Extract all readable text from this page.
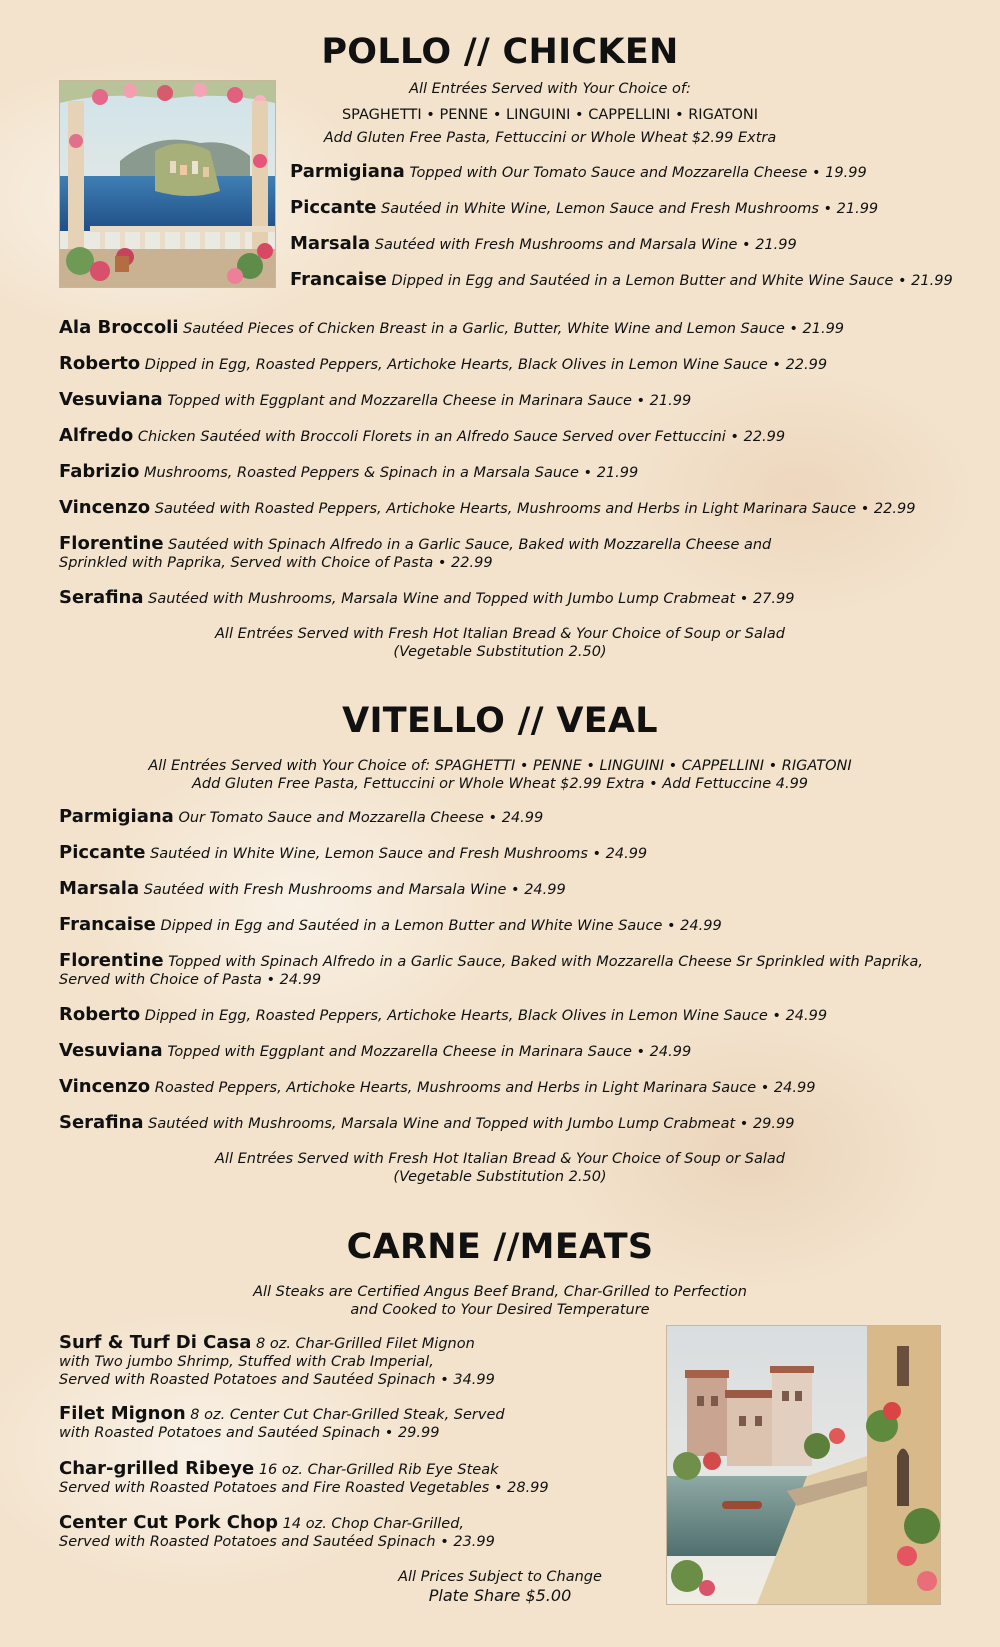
POLLO // CHICKEN
All Entrées Served with Your Choice of:
SPAGHETTI • PENNE • LINGUINI • CAPPELLINI • RIGATONI
Add Gluten Free Pasta, Fettuccini or Whole Wheat $2.99 Extra
Parmigiana Topped with Our Tomato Sauce and Mozzarella Cheese • 19.99
Piccante Sautéed in White Wine, Lemon Sauce and Fresh Mushrooms • 21.99
Marsala Sautéed with Fresh Mushrooms and Marsala Wine • 21.99
Francaise Dipped in Egg and Sautéed in a Lemon Butter and White Wine Sauce • 21.99
Ala Broccoli Sautéed Pieces of Chicken Breast in a Garlic, Butter, White Wine and Lemon Sauce • 21.99
Roberto Dipped in Egg, Roasted Peppers, Artichoke Hearts, Black Olives in Lemon Wine Sauce • 22.99
Vesuviana Topped with Eggplant and Mozzarella Cheese in Marinara Sauce • 21.99
Alfredo Chicken Sautéed with Broccoli Florets in an Alfredo Sauce Served over Fettuccini • 22.99
Fabrizio Mushrooms, Roasted Peppers & Spinach in a Marsala Sauce • 21.99
Vincenzo Sautéed with Roasted Peppers, Artichoke Hearts, Mushrooms and Herbs in Light Marinara Sauce • 22.99
Florentine Sautéed with Spinach Alfredo in a Garlic Sauce, Baked with Mozzarella Cheese and
Sprinkled with Paprika, Served with Choice of Pasta • 22.99
Serafina Sautéed with Mushrooms, Marsala Wine and Topped with Jumbo Lump Crabmeat • 27.99
All Entrées Served with Fresh Hot Italian Bread & Your Choice of Soup or Salad
(Vegetable Substitution 2.50)
VITELLO // VEAL
All Entrées Served with Your Choice of: SPAGHETTI • PENNE • LINGUINI • CAPPELLINI • RIGATONI
Add Gluten Free Pasta, Fettuccini or Whole Wheat $2.99 Extra • Add Fettuccine 4.99
Parmigiana Our Tomato Sauce and Mozzarella Cheese • 24.99
Piccante Sautéed in White Wine, Lemon Sauce and Fresh Mushrooms • 24.99
Marsala Sautéed with Fresh Mushrooms and Marsala Wine • 24.99
Francaise Dipped in Egg and Sautéed in a Lemon Butter and White Wine Sauce • 24.99
Florentine Topped with Spinach Alfredo in a Garlic Sauce, Baked with Mozzarella Cheese Sr Sprinkled with Paprika,
Served with Choice of Pasta • 24.99
Roberto Dipped in Egg, Roasted Peppers, Artichoke Hearts, Black Olives in Lemon Wine Sauce • 24.99
Vesuviana Topped with Eggplant and Mozzarella Cheese in Marinara Sauce • 24.99
Vincenzo Roasted Peppers, Artichoke Hearts, Mushrooms and Herbs in Light Marinara Sauce • 24.99
Serafina Sautéed with Mushrooms, Marsala Wine and Topped with Jumbo Lump Crabmeat • 29.99
All Entrées Served with Fresh Hot Italian Bread & Your Choice of Soup or Salad
(Vegetable Substitution 2.50)
CARNE //MEATS
All Steaks are Certified Angus Beef Brand, Char-Grilled to Perfection
and Cooked to Your Desired Temperature
Surf & Turf Di Casa 8 oz. Char-Grilled Filet Mignon
with Two jumbo Shrimp, Stuffed with Crab Imperial,
Served with Roasted Potatoes and Sautéed Spinach • 34.99
Filet Mignon 8 oz. Center Cut Char-Grilled Steak, Served
with Roasted Potatoes and Sautéed Spinach • 29.99
Char-grilled Ribeye 16 oz. Char-Grilled Rib Eye Steak
Served with Roasted Potatoes and Fire Roasted Vegetables • 28.99
Center Cut Pork Chop 14 oz. Chop Char-Grilled,
Served with Roasted Potatoes and Sautéed Spinach • 23.99
All Prices Subject to Change
Plate Share $5.00
